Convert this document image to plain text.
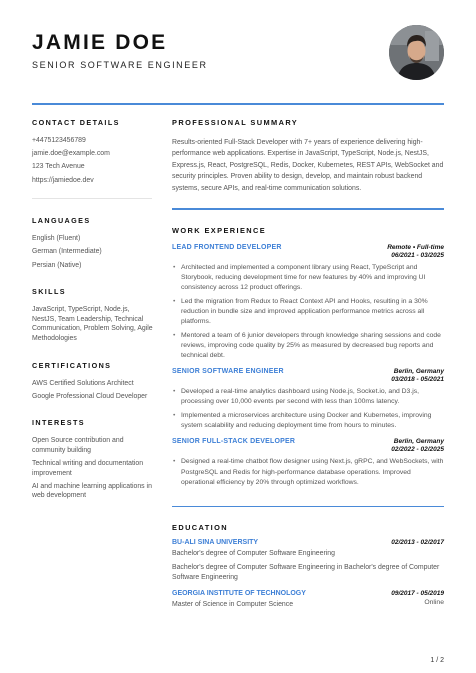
JAMIE DOE
SENIOR SOFTWARE ENGINEER
CONTACT DETAILS
+4475123456789
jamie.doe@example.com
123 Tech Avenue
https://jamiedoe.dev
LANGUAGES
English (Fluent)
German (Intermediate)
Persian (Native)
SKILLS
JavaScript, TypeScript, Node.js, NestJS, Team Leadership, Technical Communication, Problem Solving, Agile Methodologies
CERTIFICATIONS
AWS Certified Solutions Architect
Google Professional Cloud Developer
INTERESTS
Open Source contribution and community building
Technical writing and documentation improvement
AI and machine learning applications in web development
PROFESSIONAL SUMMARY
Results-oriented Full-Stack Developer with 7+ years of experience delivering high-performance web applications. Expertise in JavaScript, TypeScript, Node.js, NestJS, Express.js, React, PostgreSQL, Redis, Docker, Kubernetes, REST APIs, WebSocket and security principles. Proven ability to design, develop, and maintain robust backend systems, secure APIs, and real-time communication solutions.
WORK EXPERIENCE
LEAD FRONTEND DEVELOPER	Remote • Full-time
06/2021 - 03/2025
• Architected and implemented a component library using React, TypeScript and Storybook, reducing development time for new features by 40% and improving UI consistency across 12 product offerings.
• Led the migration from Redux to React Context API and Hooks, resulting in a 30% reduction in bundle size and improved application performance metrics across all platforms.
• Mentored a team of 6 junior developers through knowledge sharing sessions and code reviews, improving code quality by 25% as measured by decreased bug reports and technical debt.
SENIOR SOFTWARE ENGINEER	Berlin, Germany
03/2018 - 05/2021
• Developed a real-time analytics dashboard using Node.js, Socket.io, and D3.js, processing over 10,000 events per second with less than 100ms latency.
• Implemented a microservices architecture using Docker and Kubernetes, improving system scalability and reducing deployment time from hours to minutes.
SENIOR FULL-STACK DEVELOPER	Berlin, Germany
02/2022 - 02/2025
• Designed a real-time chatbot flow designer using Next.js, gRPC, and WebSockets, with PostgreSQL and Redis for high-performance database operations. Improved operational efficiency by 20% through optimized workflows.
EDUCATION
BU-ALI SINA UNIVERSITY	02/2013 - 02/2017
Bachelor's degree of Computer Software Engineering
Bachelor's degree of Computer Software Engineering in Bachelor's degree of Computer Software Engineering
GEORGIA INSTITUTE OF TECHNOLOGY	09/2017 - 05/2019
Master of Science in Computer Science	Online
1 / 2
